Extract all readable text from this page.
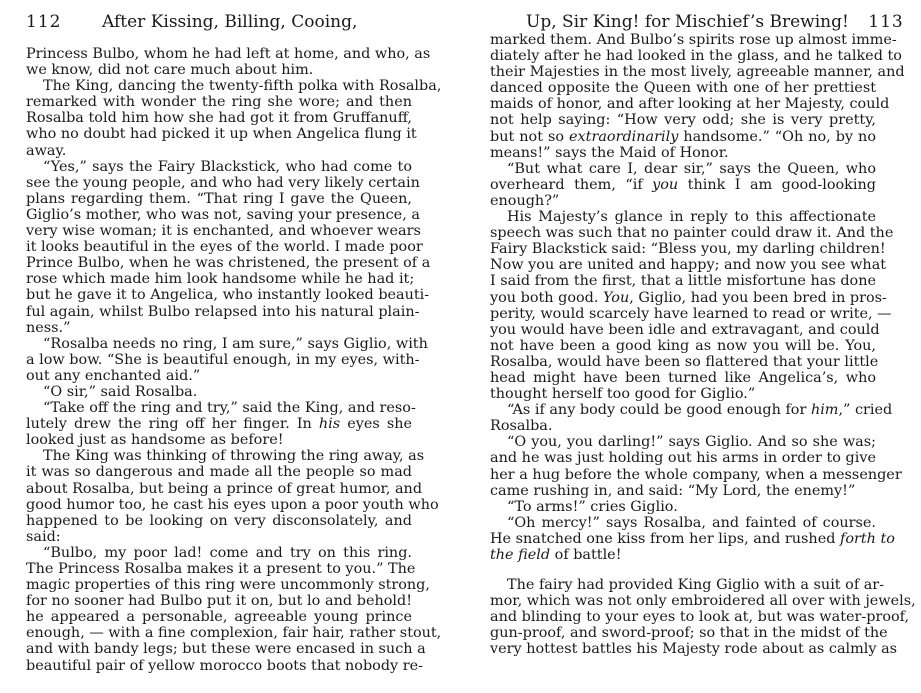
112 After Kissing, Billing, Cooing,
Princess Bulbo, whom he had left at home, and who, as
we know, did not care much about him.
The King, dancing the twenty-fifth polka with Rosalba,
remarked with wonder the ring she wore; and then
Rosalba told him how she had got it from Gruffanuff,
who no doubt had picked it up when Angelica flung it
away.
“Yes,” says the Fairy Blackstick, who had come to
see the young people, and who had very likely certain
plans regarding them. “That ring I gave the Queen,
Giglio’s mother, who was not, saving your presence, a
very wise woman; it is enchanted, and whoever wears
it looks beautiful in the eyes of the world. I made poor
Prince Bulbo, when he was christened, the present of a
rose which made him look handsome while he had it;
but he gave it to Angelica, who instantly looked beauti-
ful again, whilst Bulbo relapsed into his natural plain-
ness.”
“Rosalba needs no ring, I am sure,” says Giglio, with
a low bow. “She is beautiful enough, in my eyes, with-
out any enchanted aid.”
“O sir,” said Rosalba.
“Take off the ring and try,” said the King, and reso-
lutely drew the ring off her finger. In his eyes she
looked just as handsome as before!
The King was thinking of throwing the ring away, as
it was so dangerous and made all the people so mad
about Rosalba, but being a prince of great humor, and
good humor too, he cast his eyes upon a poor youth who
happened to be looking on very disconsolately, and
said:
“Bulbo, my poor lad! come and try on this ring.
The Princess Rosalba makes it a present to you.” The
magic properties of this ring were uncommonly strong,
for no sooner had Bulbo put it on, but lo and behold!
he appeared a personable, agreeable young prince
enough, — with a fine complexion, fair hair, rather stout,
and with bandy legs; but these were encased in such a
beautiful pair of yellow morocco boots that nobody re-
Up, Sir King! for Mischief’s Brewing! 113
marked them. And Bulbo’s spirits rose up almost imme-
diately after he had looked in the glass, and he talked to
their Majesties in the most lively, agreeable manner, and
danced opposite the Queen with one of her prettiest
maids of honor, and after looking at her Majesty, could
not help saying: “How very odd; she is very pretty,
but not so extraordinarily handsome.” “Oh no, by no
means!” says the Maid of Honor.
“But what care I, dear sir,” says the Queen, who
overheard them, “if you think I am good-looking
enough?”
His Majesty’s glance in reply to this affectionate
speech was such that no painter could draw it. And the
Fairy Blackstick said: “Bless you, my darling children!
Now you are united and happy; and now you see what
I said from the first, that a little misfortune has done
you both good. You, Giglio, had you been bred in pros-
perity, would scarcely have learned to read or write, —
you would have been idle and extravagant, and could
not have been a good king as now you will be. You,
Rosalba, would have been so flattered that your little
head might have been turned like Angelica’s, who
thought herself too good for Giglio.”
“As if any body could be good enough for him,” cried
Rosalba.
“O you, you darling!” says Giglio. And so she was;
and he was just holding out his arms in order to give
her a hug before the whole company, when a messenger
came rushing in, and said: “My Lord, the enemy!”
“To arms!” cries Giglio.
“Oh mercy!” says Rosalba, and fainted of course.
He snatched one kiss from her lips, and rushed forth to
the field of battle!
The fairy had provided King Giglio with a suit of ar-
mor, which was not only embroidered all over with jewels,
and blinding to your eyes to look at, but was water-proof,
gun-proof, and sword-proof; so that in the midst of the
very hottest battles his Majesty rode about as calmly as
